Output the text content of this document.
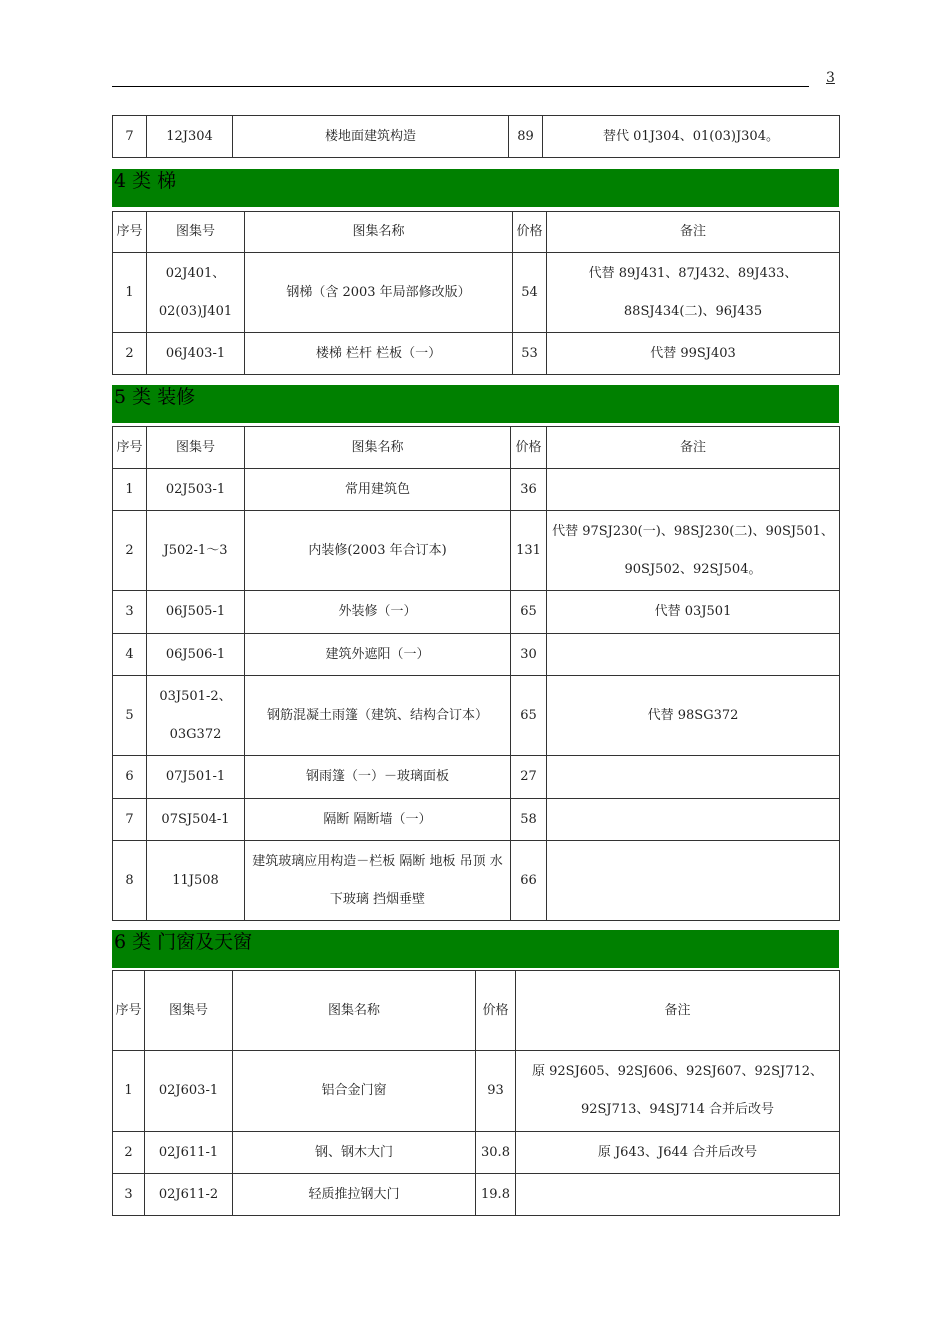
3
7	12J304	楼地面建筑构造	89	替代 01J304、01(03)J304。
4 类 梯
序号	图集号	图集名称	价格	备注
1	02J401、02(03)J401	钢梯（含 2003 年局部修改版）	54	代替 89J431、87J432、89J433、88SJ434(二)、96J435
2	06J403-1	楼梯 栏杆 栏板（一）	53	代替 99SJ403
5 类 装修
序号	图集号	图集名称	价格	备注
1	02J503-1	常用建筑色	36	
2	J502-1～3	内装修(2003 年合订本)	131	代替 97SJ230(一)、98SJ230(二)、90SJ501、90SJ502、92SJ504。
3	06J505-1	外装修（一）	65	代替 03J501
4	06J506-1	建筑外遮阳（一）	30	
5	03J501-2、03G372	钢筋混凝土雨篷（建筑、结构合订本）	65	代替 98SG372
6	07J501-1	钢雨篷（一）－玻璃面板	27	
7	07SJ504-1	隔断 隔断墙（一）	58	
8	11J508	建筑玻璃应用构造－栏板 隔断 地板 吊顶 水下玻璃 挡烟垂壁	66	
6 类 门窗及天窗
序号	图集号	图集名称	价格	备注
1	02J603-1	铝合金门窗	93	原 92SJ605、92SJ606、92SJ607、92SJ712、92SJ713、94SJ714 合并后改号
2	02J611-1	钢、钢木大门	30.8	原 J643、J644 合并后改号
3	02J611-2	轻质推拉钢大门	19.8	
